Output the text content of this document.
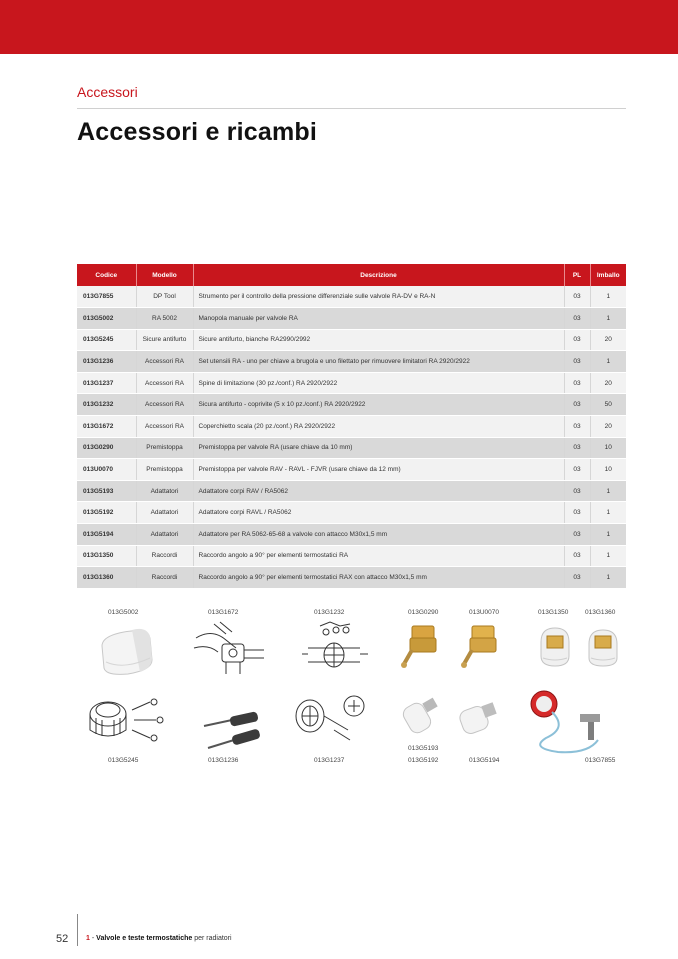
Accessori
Accessori e ricambi
Codice	Modello	Descrizione	PL	Imballo
013G7855	DP Tool	Strumento per il controllo della pressione differenziale sulle valvole RA-DV e RA-N	03	1
013G5002	RA 5002	Manopola manuale per valvole RA	03	1
013G5245	Sicure antifurto	Sicure antifurto, bianche RA2990/2992	03	20
013G1236	Accessori RA	Set utensili RA - uno per chiave a brugola e uno filettato per rimuovere limitatori RA 2920/2922	03	1
013G1237	Accessori RA	Spine di limitazione (30 pz./conf.) RA 2920/2922	03	20
013G1232	Accessori RA	Sicura antifurto - coprivite (5 x 10 pz./conf.) RA 2920/2922	03	50
013G1672	Accessori RA	Coperchietto scala (20 pz./conf.) RA 2920/2922	03	20
013G0290	Premistoppa	Premistoppa per valvole RA (usare chiave da 10 mm)	03	10
013U0070	Premistoppa	Premistoppa per valvole RAV - RAVL - FJVR (usare chiave da 12 mm)	03	10
013G5193	Adattatori	Adattatore corpi RAV / RA5062	03	1
013G5192	Adattatori	Adattatore corpi RAVL / RA5062	03	1
013G5194	Adattatori	Adattatore per RA 5062-65-68 a valvole con attacco M30x1,5 mm	03	1
013G1350	Raccordi	Raccordo angolo a 90° per elementi termostatici RA	03	1
013G1360	Raccordi	Raccordo angolo a 90° per elementi termostatici RAX con attacco M30x1,5 mm	03	1
013G5002	013G1672	013G1232	013G0290	013U0070	013G1350	013G1360
013G5245	013G1236	013G1237
013G5193
013G5192	013G5194	013G7855
52	1 - Valvole e teste termostatiche per radiatori
